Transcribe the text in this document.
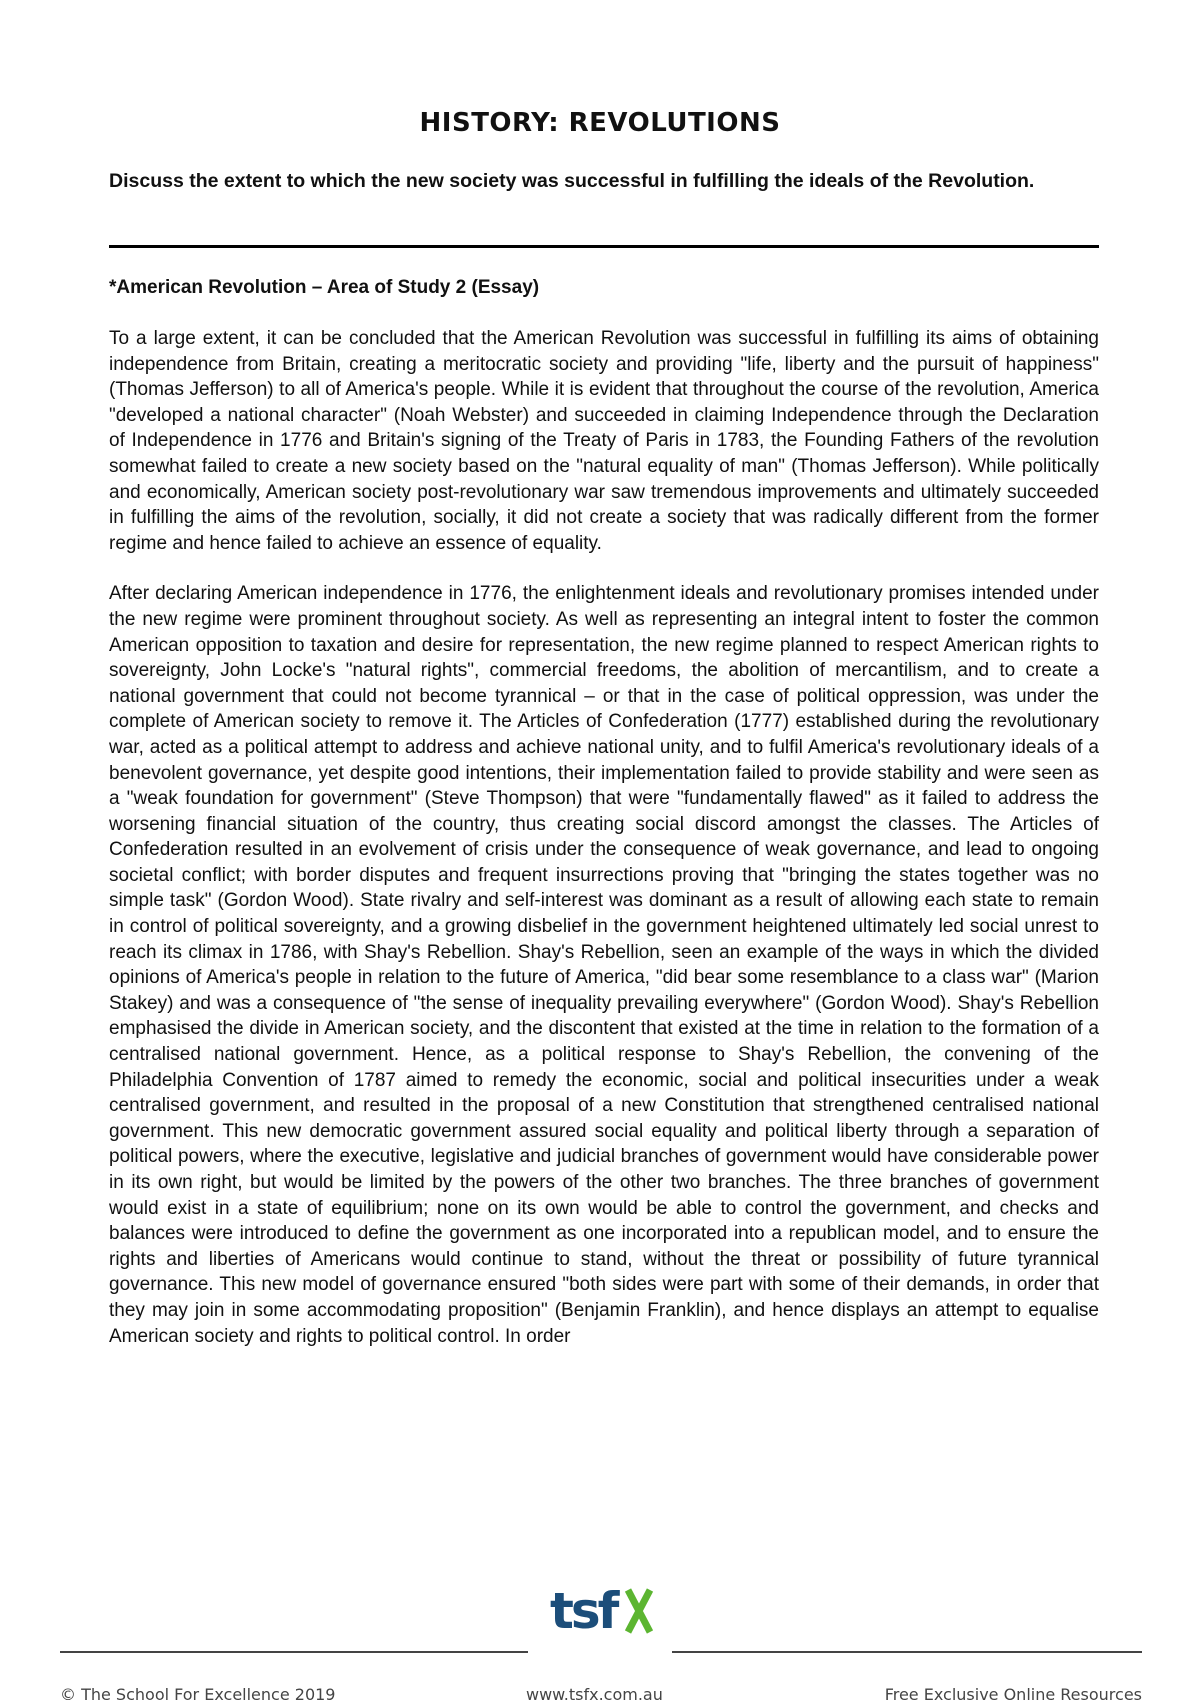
HISTORY: REVOLUTIONS
Discuss the extent to which the new society was successful in fulfilling the ideals of the Revolution.
*American Revolution – Area of Study 2 (Essay)

To a large extent, it can be concluded that the American Revolution was successful in fulfilling its aims of obtaining independence from Britain, creating a meritocratic society and providing "life, liberty and the pursuit of happiness" (Thomas Jefferson) to all of America's people. While it is evident that throughout the course of the revolution, America "developed a national character" (Noah Webster) and succeeded in claiming Independence through the Declaration of Independence in 1776 and Britain's signing of the Treaty of Paris in 1783, the Founding Fathers of the revolution somewhat failed to create a new society based on the "natural equality of man" (Thomas Jefferson). While politically and economically, American society post-revolutionary war saw tremendous improvements and ultimately succeeded in fulfilling the aims of the revolution, socially, it did not create a society that was radically different from the former regime and hence failed to achieve an essence of equality.

After declaring American independence in 1776, the enlightenment ideals and revolutionary promises intended under the new regime were prominent throughout society. As well as representing an integral intent to foster the common American opposition to taxation and desire for representation, the new regime planned to respect American rights to sovereignty, John Locke's "natural rights", commercial freedoms, the abolition of mercantilism, and to create a national government that could not become tyrannical – or that in the case of political oppression, was under the complete of American society to remove it. The Articles of Confederation (1777) established during the revolutionary war, acted as a political attempt to address and achieve national unity, and to fulfil America's revolutionary ideals of a benevolent governance, yet despite good intentions, their implementation failed to provide stability and were seen as a "weak foundation for government" (Steve Thompson) that were "fundamentally flawed" as it failed to address the worsening financial situation of the country, thus creating social discord amongst the classes. The Articles of Confederation resulted in an evolvement of crisis under the consequence of weak governance, and lead to ongoing societal conflict; with border disputes and frequent insurrections proving that "bringing the states together was no simple task" (Gordon Wood). State rivalry and self-interest was dominant as a result of allowing each state to remain in control of political sovereignty, and a growing disbelief in the government heightened ultimately led social unrest to reach its climax in 1786, with Shay's Rebellion. Shay's Rebellion, seen an example of the ways in which the divided opinions of America's people in relation to the future of America, "did bear some resemblance to a class war" (Marion Stakey) and was a consequence of "the sense of inequality prevailing everywhere" (Gordon Wood). Shay's Rebellion emphasised the divide in American society, and the discontent that existed at the time in relation to the formation of a centralised national government. Hence, as a political response to Shay's Rebellion, the convening of the Philadelphia Convention of 1787 aimed to remedy the economic, social and political insecurities under a weak centralised government, and resulted in the proposal of a new Constitution that strengthened centralised national government. This new democratic government assured social equality and political liberty through a separation of political powers, where the executive, legislative and judicial branches of government would have considerable power in its own right, but would be limited by the powers of the other two branches. The three branches of government would exist in a state of equilibrium; none on its own would be able to control the government, and checks and balances were introduced to define the government as one incorporated into a republican model, and to ensure the rights and liberties of Americans would continue to stand, without the threat or possibility of future tyrannical governance. This new model of governance ensured "both sides were part with some of their demands, in order that they may join in some accommodating proposition" (Benjamin Franklin), and hence displays an attempt to equalise American society and rights to political control. In order

tsf
© The School For Excellence 2019	www.tsfx.com.au	Free Exclusive Online Resources
